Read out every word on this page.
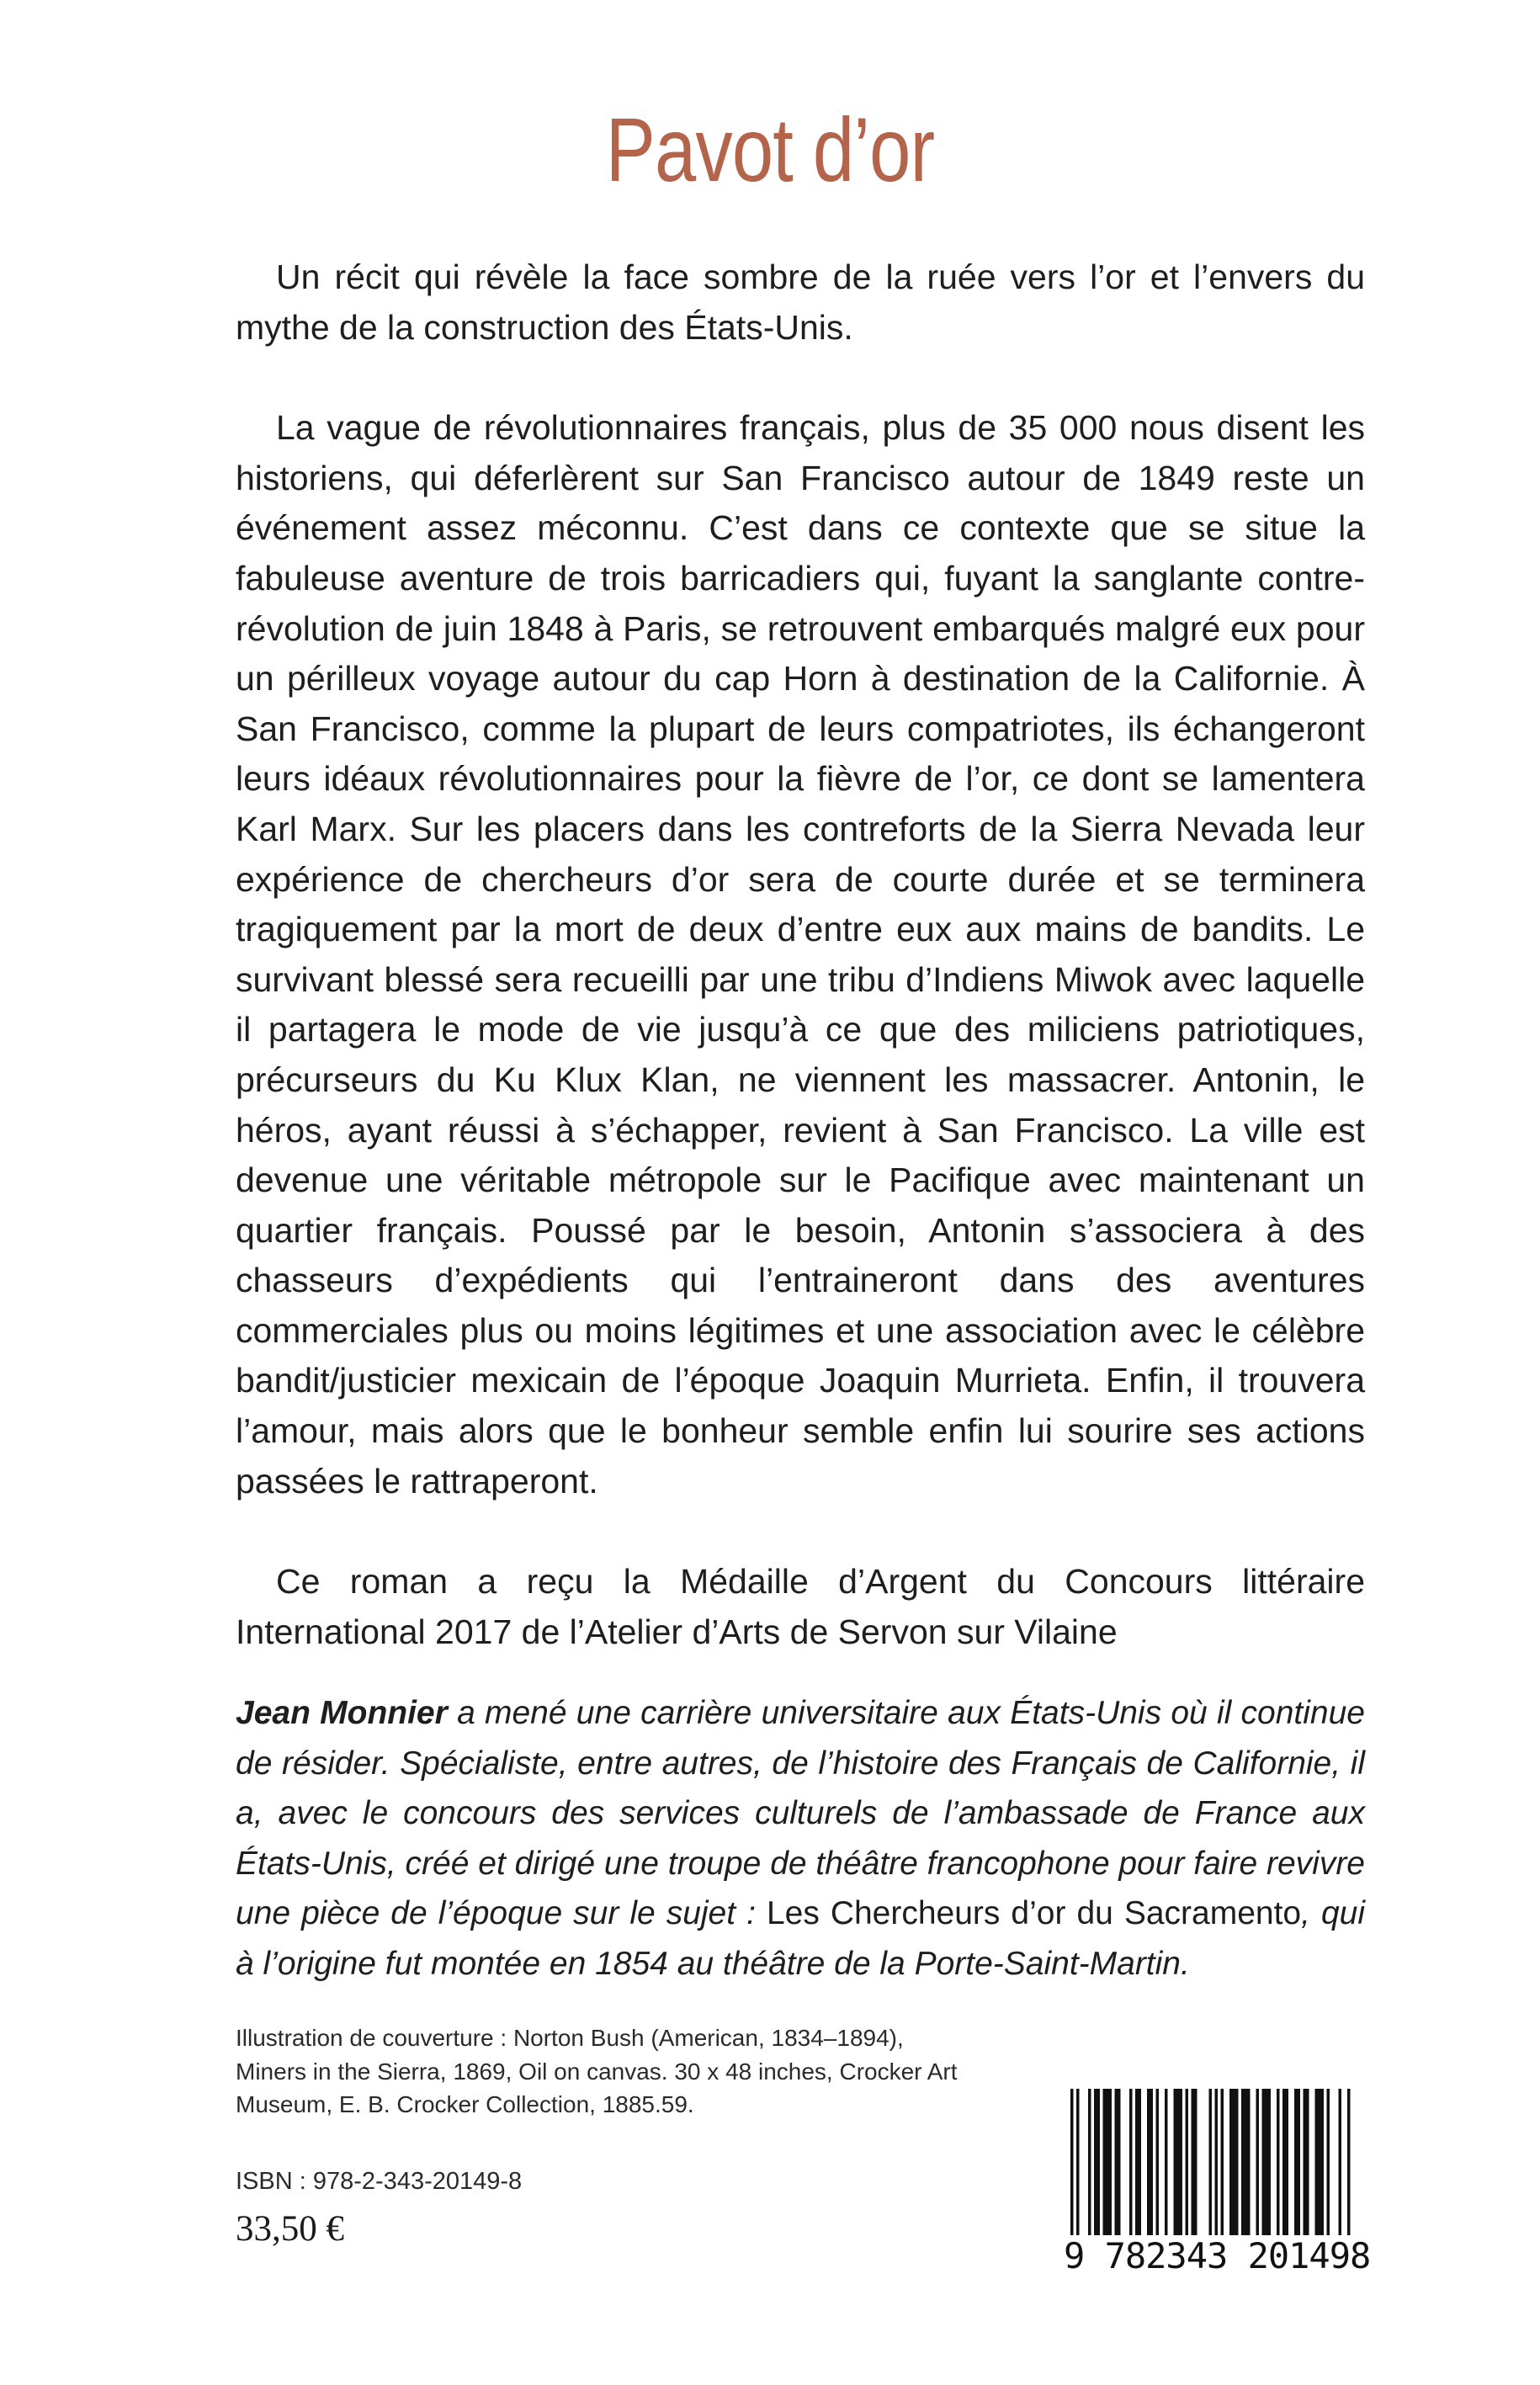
Pavot d’or

Un récit qui révèle la face sombre de la ruée vers l’or et l’envers du mythe de la construction des États-Unis.

La vague de révolutionnaires français, plus de 35 000 nous disent les historiens, qui déferlèrent sur San Francisco autour de 1849 reste un événement assez méconnu. C’est dans ce contexte que se situe la fabuleuse aventure de trois barricadiers qui, fuyant la sanglante contre-révolution de juin 1848 à Paris, se retrouvent embarqués malgré eux pour un périlleux voyage autour du cap Horn à destination de la Californie. À San Francisco, comme la plupart de leurs compatriotes, ils échangeront leurs idéaux révolutionnaires pour la fièvre de l’or, ce dont se lamentera Karl Marx. Sur les placers dans les contreforts de la Sierra Nevada leur expérience de chercheurs d’or sera de courte durée et se terminera tragiquement par la mort de deux d’entre eux aux mains de bandits. Le survivant blessé sera recueilli par une tribu d’Indiens Miwok avec laquelle il partagera le mode de vie jusqu’à ce que des miliciens patriotiques, précurseurs du Ku Klux Klan, ne viennent les massacrer. Antonin, le héros, ayant réussi à s’échapper, revient à San Francisco. La ville est devenue une véritable métropole sur le Pacifique avec maintenant un quartier français. Poussé par le besoin, Antonin s’associera à des chasseurs d’expédients qui l’entraineront dans des aventures commerciales plus ou moins légitimes et une association avec le célèbre bandit/justicier mexicain de l’époque Joaquin Murrieta. Enfin, il trouvera l’amour, mais alors que le bonheur semble enfin lui sourire ses actions passées le rattraperont.

Ce roman a reçu la Médaille d’Argent du Concours littéraire International 2017 de l’Atelier d’Arts de Servon sur Vilaine

Jean Monnier a mené une carrière universitaire aux États-Unis où il continue de résider. Spécialiste, entre autres, de l’histoire des Français de Californie, il a, avec le concours des services culturels de l’ambassade de France aux États-Unis, créé et dirigé une troupe de théâtre francophone pour faire revivre une pièce de l’époque sur le sujet : Les Chercheurs d’or du Sacramento, qui à l’origine fut montée en 1854 au théâtre de la Porte-Saint-Martin.

Illustration de couverture : Norton Bush (American, 1834–1894),
Miners in the Sierra, 1869, Oil on canvas. 30 x 48 inches, Crocker Art
Museum, E. B. Crocker Collection, 1885.59.
ISBN : 978-2-343-20149-8
33,50 €
9 782343 201498
